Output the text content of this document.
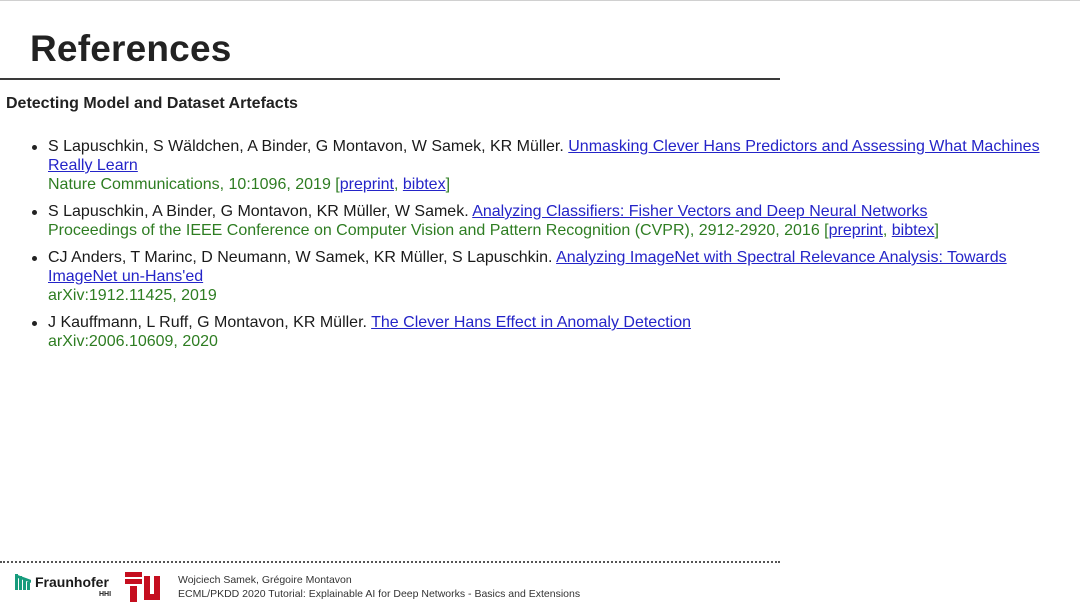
References
Detecting Model and Dataset Artefacts
S Lapuschkin, S Wäldchen, A Binder, G Montavon, W Samek, KR Müller. Unmasking Clever Hans Predictors and Assessing What Machines Really Learn
Nature Communications, 10:1096, 2019 [preprint, bibtex]
S Lapuschkin, A Binder, G Montavon, KR Müller, W Samek. Analyzing Classifiers: Fisher Vectors and Deep Neural Networks
Proceedings of the IEEE Conference on Computer Vision and Pattern Recognition (CVPR), 2912-2920, 2016 [preprint, bibtex]
CJ Anders, T Marinc, D Neumann, W Samek, KR Müller, S Lapuschkin. Analyzing ImageNet with Spectral Relevance Analysis: Towards ImageNet un-Hans'ed
arXiv:1912.11425, 2019
J Kauffmann, L Ruff, G Montavon, KR Müller. The Clever Hans Effect in Anomaly Detection
arXiv:2006.10609, 2020
Fraunhofer
HHI
Wojciech Samek, Grégoire Montavon
ECML/PKDD 2020 Tutorial: Explainable AI for Deep Networks - Basics and Extensions
